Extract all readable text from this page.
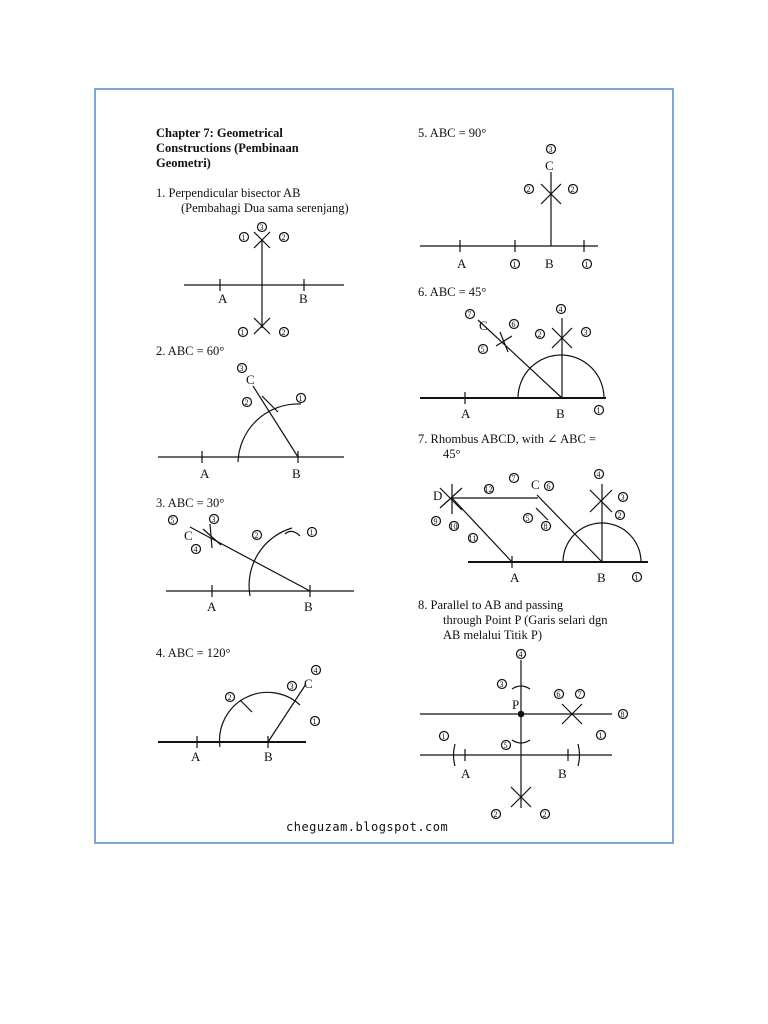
Chapter 7: Geometrical
Constructions (Pembinaan
Geometri)
1. Perpendicular bisector AB
(Pembahagi Dua sama serenjang)
2. ABC = 60°
3. ABC = 30°
4. ABC = 120°
5. ABC = 90°
6. ABC = 45°
7. Rhombus ABCD, with ∠ ABC =
45°
8. Parallel to AB and passing
through Point P (Garis selari dgn
AB melalui Titik P)
cheguzam.blogspot.com
A	B
3
1	2
1	2
A	B
C
3
2	1
A	B
C
5	3
4
2	1
A	B
C
4
3
2
1
A	B
C
3
2	2
1	1
A	B
C
4
7
6
2	3
5
1
D
C
A	B
4
7
6
12
3
5
8
2
9
10
11
1
P
A	B
4
3
6 7
8
1
5
1
2	2
